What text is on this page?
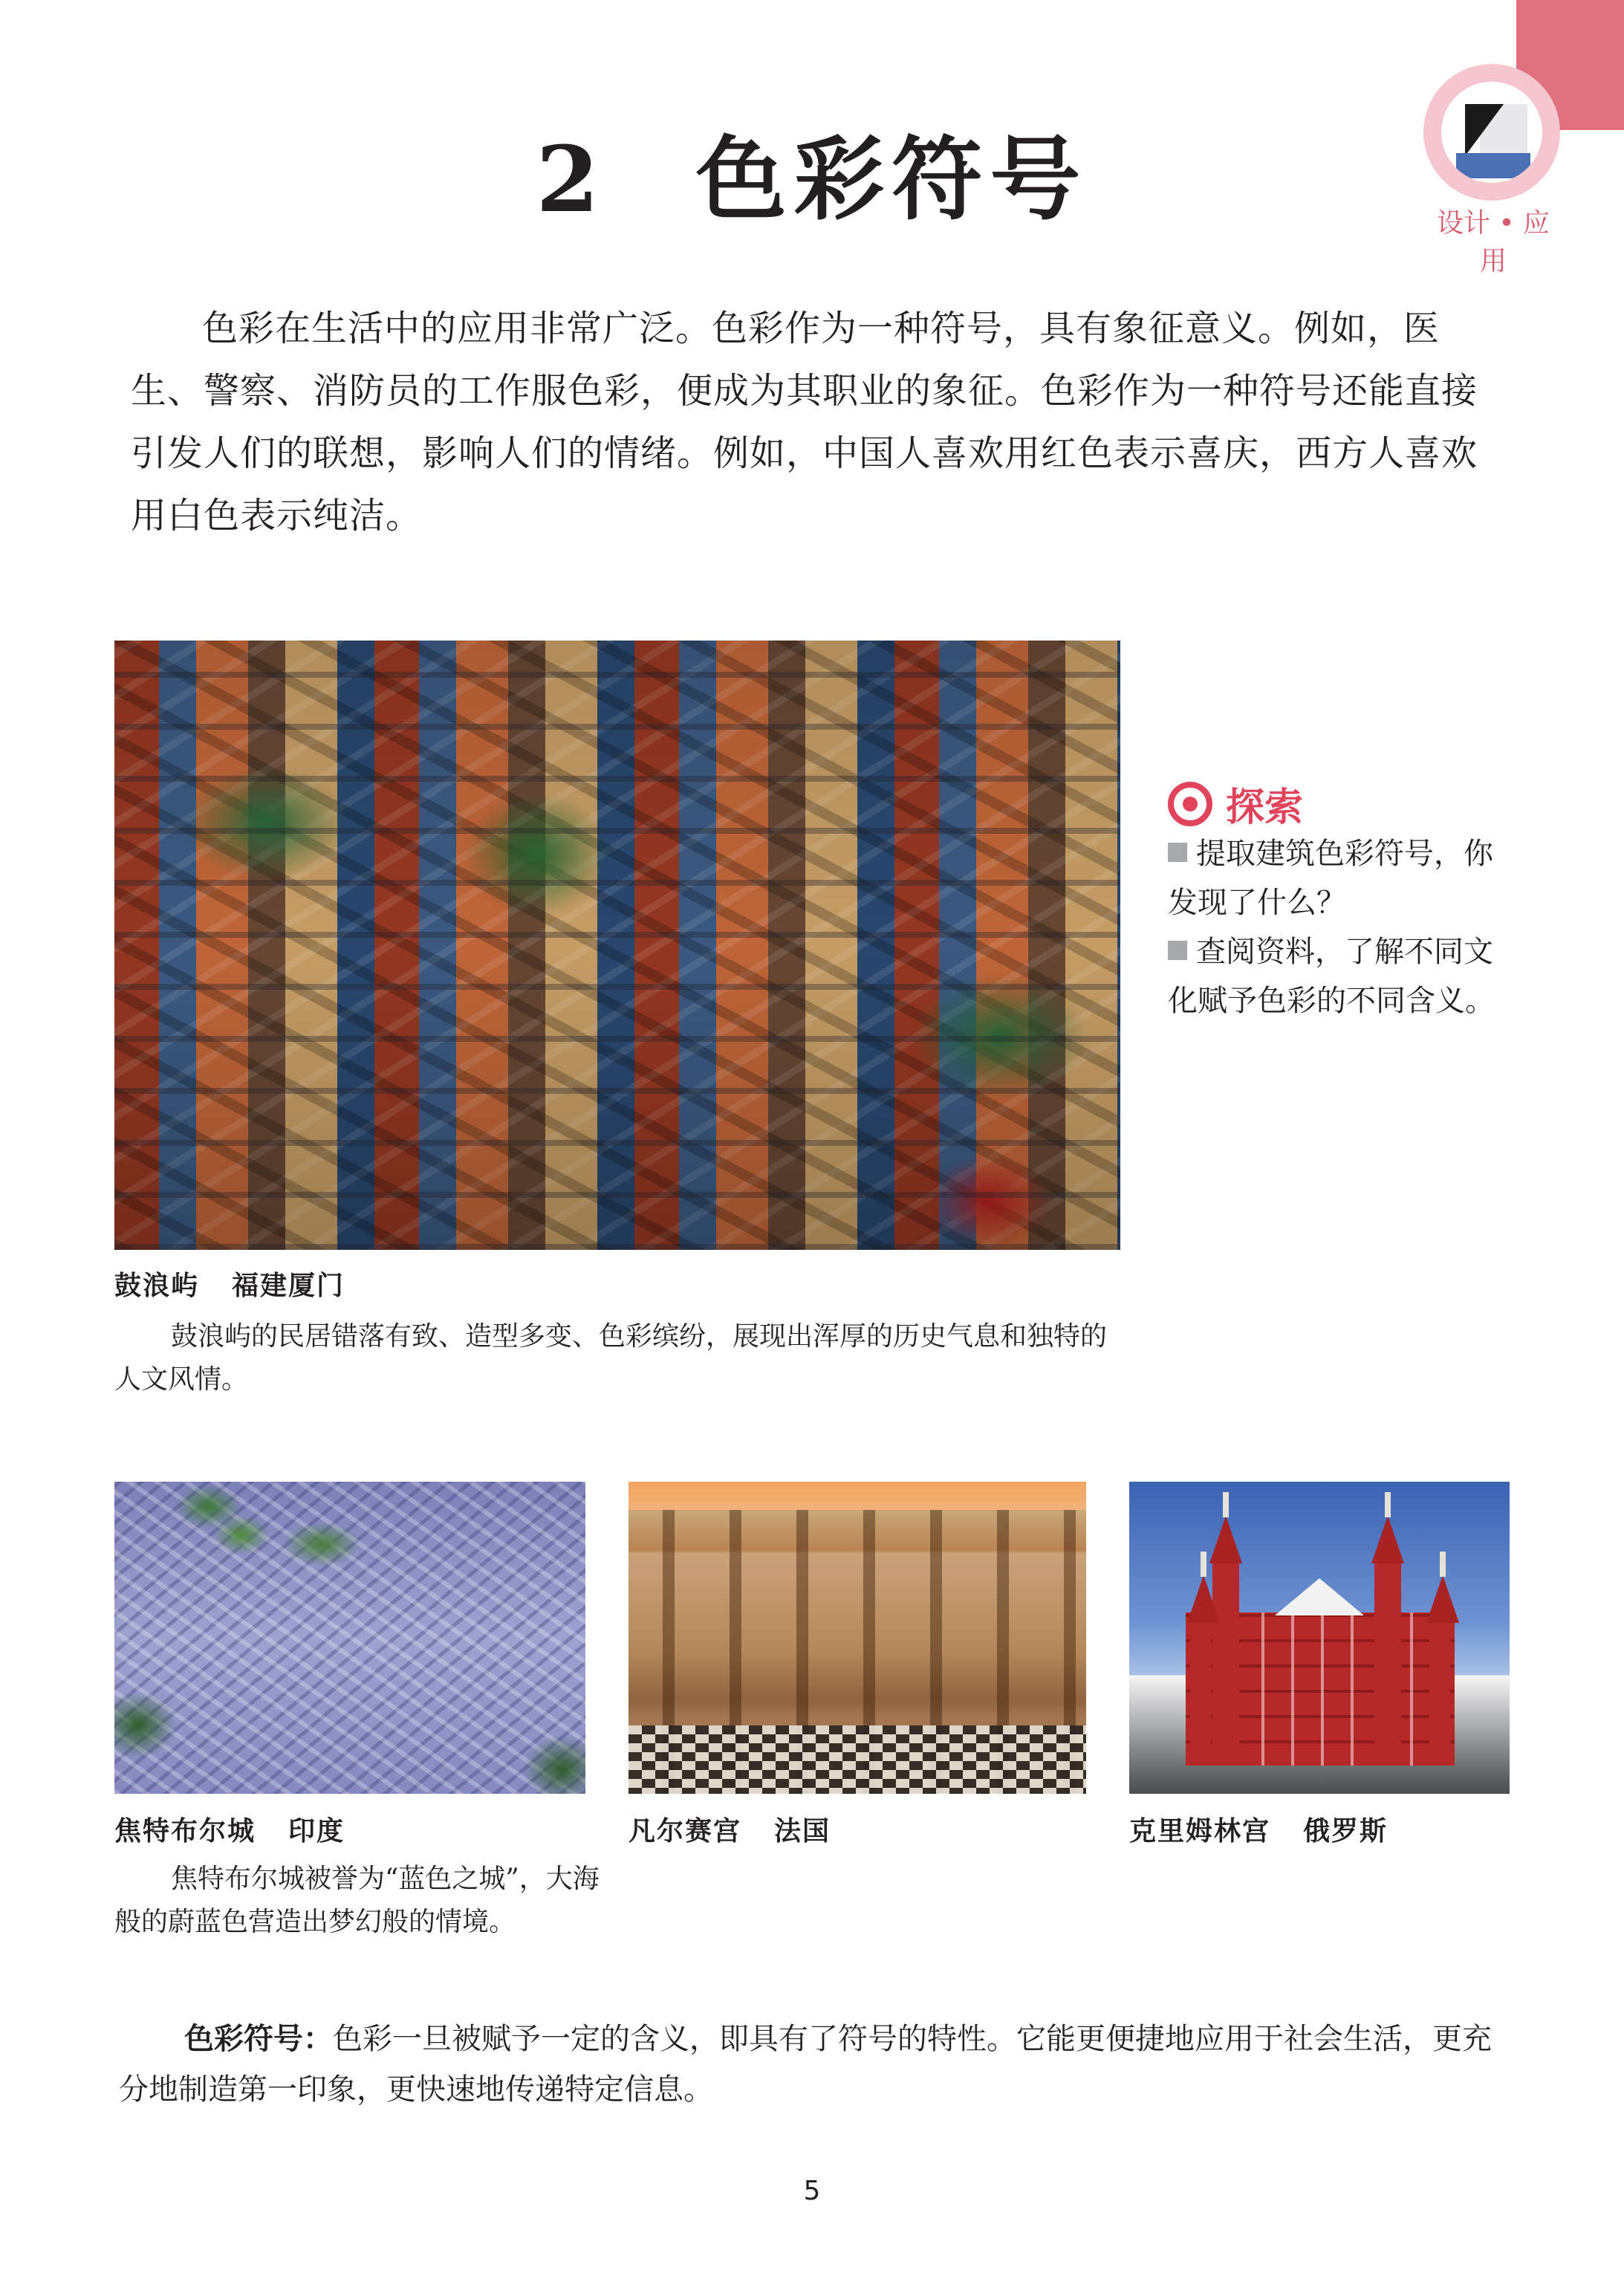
设计 • 应用
2 色彩符号

色彩在生活中的应用非常广泛。色彩作为一种符号，具有象征意义。例如，医生、警察、消防员的工作服色彩，便成为其职业的象征。色彩作为一种符号还能直接引发人们的联想，影响人们的情绪。例如，中国人喜欢用红色表示喜庆，西方人喜欢用白色表示纯洁。

鼓浪屿 福建厦门

鼓浪屿的民居错落有致、造型多变、色彩缤纷，展现出浑厚的历史气息和独特的人文风情。

探索

提取建筑色彩符号，你发现了什么？

查阅资料，了解不同文化赋予色彩的不同含义。

焦特布尔城 印度

焦特布尔城被誉为“蓝色之城”，大海般的蔚蓝色营造出梦幻般的情境。

凡尔赛宫 法国	克里姆林宫 俄罗斯

色彩符号：色彩一旦被赋予一定的含义，即具有了符号的特性。它能更便捷地应用于社会生活，更充分地制造第一印象，更快速地传递特定信息。

5
